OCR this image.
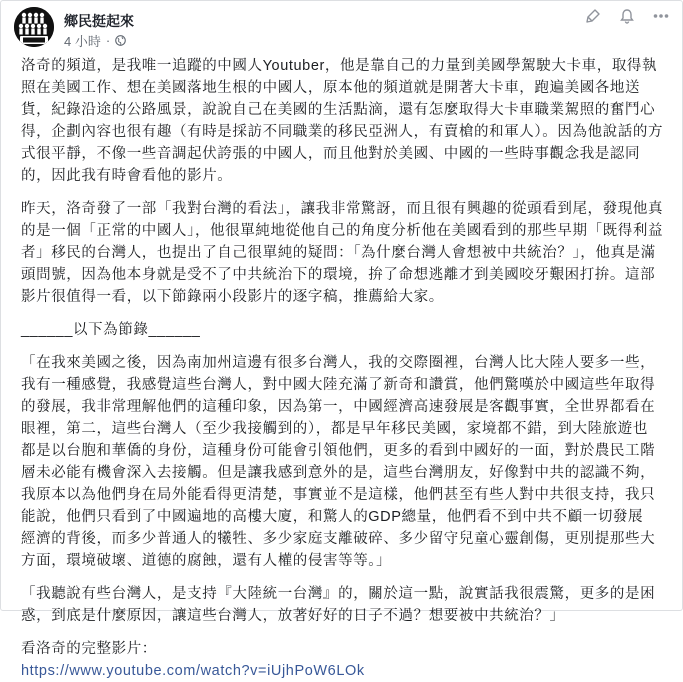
鄉民挺起來
4 小時 ·

洛奇的頻道，是我唯一追蹤的中國人Youtuber，他是靠自己的力量到美國學駕駛大卡車，取得執照在美國工作、想在美國落地生根的中國人，原本他的頻道就是開著大卡車，跑遍美國各地送貨，紀錄沿途的公路風景，說說自己在美國的生活點滴，還有怎麼取得大卡車職業駕照的奮鬥心得，企劃內容也很有趣（有時是採訪不同職業的移民亞洲人，有賣槍的和軍人）。因為他說話的方式很平靜，不像一些音調起伏誇張的中國人，而且他對於美國、中國的一些時事觀念我是認同的，因此我有時會看他的影片。

昨天，洛奇發了一部「我對台灣的看法」，讓我非常驚訝，而且很有興趣的從頭看到尾，發現他真的是一個「正常的中國人」，他很單純地從他自己的角度分析他在美國看到的那些早期「既得利益者」移民的台灣人，也提出了自己很單純的疑問：「為什麼台灣人會想被中共統治？」，他真是滿頭問號，因為他本身就是受不了中共統治下的環境，拚了命想逃離才到美國咬牙艱困打拚。這部影片很值得一看，以下節錄兩小段影片的逐字稿，推薦給大家。

______以下為節錄______

「在我來美國之後，因為南加州這邊有很多台灣人，我的交際圈裡，台灣人比大陸人要多一些，我有一種感覺，我感覺這些台灣人，對中國大陸充滿了新奇和讚賞，他們驚嘆於中國這些年取得的發展，我非常理解他們的這種印象，因為第一，中國經濟高速發展是客觀事實，全世界都看在眼裡，第二，這些台灣人（至少我接觸到的），都是早年移民美國，家境都不錯，到大陸旅遊也都是以台胞和華僑的身份，這種身份可能會引領他們，更多的看到中國好的一面，對於農民工階層未必能有機會深入去接觸。但是讓我感到意外的是，這些台灣朋友，好像對中共的認識不夠，我原本以為他們身在局外能看得更清楚，事實並不是這樣，他們甚至有些人對中共很支持，我只能說，他們只看到了中國遍地的高樓大廈，和驚人的GDP總量，他們看不到中共不顧一切發展經濟的背後，而多少普通人的犧牲、多少家庭支離破碎、多少留守兒童心靈創傷，更別提那些大方面，環境破壞、道德的腐蝕，還有人權的侵害等等。」

「我聽說有些台灣人，是支持『大陸統一台灣』的，關於這一點，說實話我很震驚，更多的是困惑，到底是什麼原因，讓這些台灣人，放著好好的日子不過？想要被中共統治？」

看洛奇的完整影片：

https://www.youtube.com/watch?v=iUjhPoW6LOk
